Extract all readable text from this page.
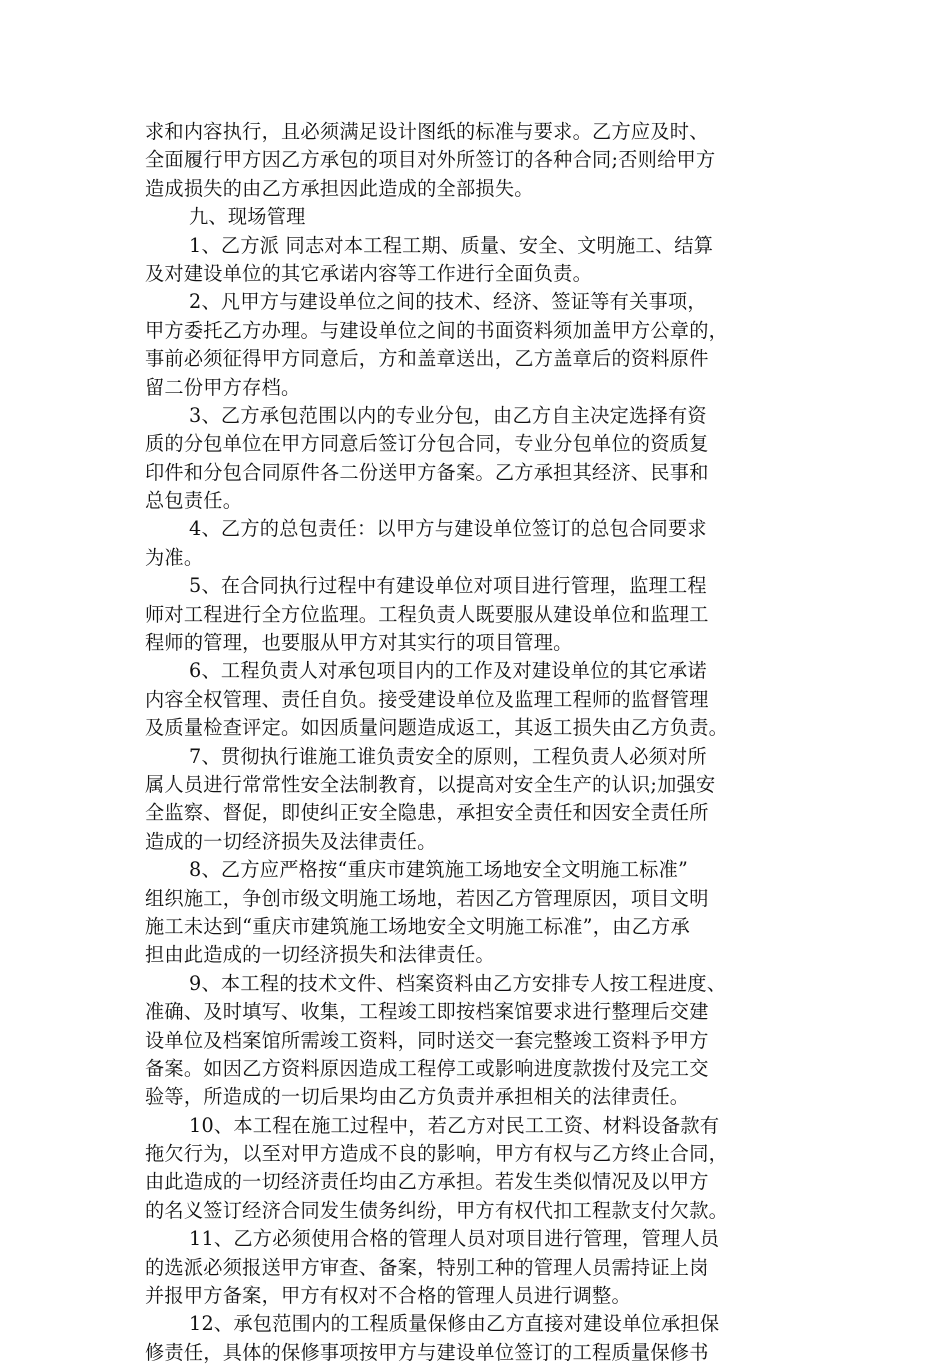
求和内容执行，且必须满足设计图纸的标准与要求。乙方应及时、
全面履行甲方因乙方承包的项目对外所签订的各种合同;否则给甲方
造成损失的由乙方承担因此造成的全部损失。
九、现场管理
1、乙方派 同志对本工程工期、质量、安全、文明施工、结算
及对建设单位的其它承诺内容等工作进行全面负责。
2、凡甲方与建设单位之间的技术、经济、签证等有关事项，
甲方委托乙方办理。与建设单位之间的书面资料须加盖甲方公章的，
事前必须征得甲方同意后，方和盖章送出，乙方盖章后的资料原件
留二份甲方存档。
3、乙方承包范围以内的专业分包，由乙方自主决定选择有资
质的分包单位在甲方同意后签订分包合同，专业分包单位的资质复
印件和分包合同原件各二份送甲方备案。乙方承担其经济、民事和
总包责任。
4、乙方的总包责任：以甲方与建设单位签订的总包合同要求
为准。
5、在合同执行过程中有建设单位对项目进行管理，监理工程
师对工程进行全方位监理。工程负责人既要服从建设单位和监理工
程师的管理，也要服从甲方对其实行的项目管理。
6、工程负责人对承包项目内的工作及对建设单位的其它承诺
内容全权管理、责任自负。接受建设单位及监理工程师的监督管理
及质量检查评定。如因质量问题造成返工，其返工损失由乙方负责。
7、贯彻执行谁施工谁负责安全的原则，工程负责人必须对所
属人员进行常常性安全法制教育，以提高对安全生产的认识;加强安
全监察、督促，即使纠正安全隐患，承担安全责任和因安全责任所
造成的一切经济损失及法律责任。
8、乙方应严格按“重庆市建筑施工场地安全文明施工标准”
组织施工，争创市级文明施工场地，若因乙方管理原因，项目文明
施工未达到“重庆市建筑施工场地安全文明施工标准”，由乙方承
担由此造成的一切经济损失和法律责任。
9、本工程的技术文件、档案资料由乙方安排专人按工程进度、
准确、及时填写、收集，工程竣工即按档案馆要求进行整理后交建
设单位及档案馆所需竣工资料，同时送交一套完整竣工资料予甲方
备案。如因乙方资料原因造成工程停工或影响进度款拨付及完工交
验等，所造成的一切后果均由乙方负责并承担相关的法律责任。
10、本工程在施工过程中，若乙方对民工工资、材料设备款有
拖欠行为，以至对甲方造成不良的影响，甲方有权与乙方终止合同，
由此造成的一切经济责任均由乙方承担。若发生类似情况及以甲方
的名义签订经济合同发生债务纠纷，甲方有权代扣工程款支付欠款。
11、乙方必须使用合格的管理人员对项目进行管理，管理人员
的选派必须报送甲方审查、备案，特别工种的管理人员需持证上岗
并报甲方备案，甲方有权对不合格的管理人员进行调整。
12、承包范围内的工程质量保修由乙方直接对建设单位承担保
修责任，具体的保修事项按甲方与建设单位签订的工程质量保修书
